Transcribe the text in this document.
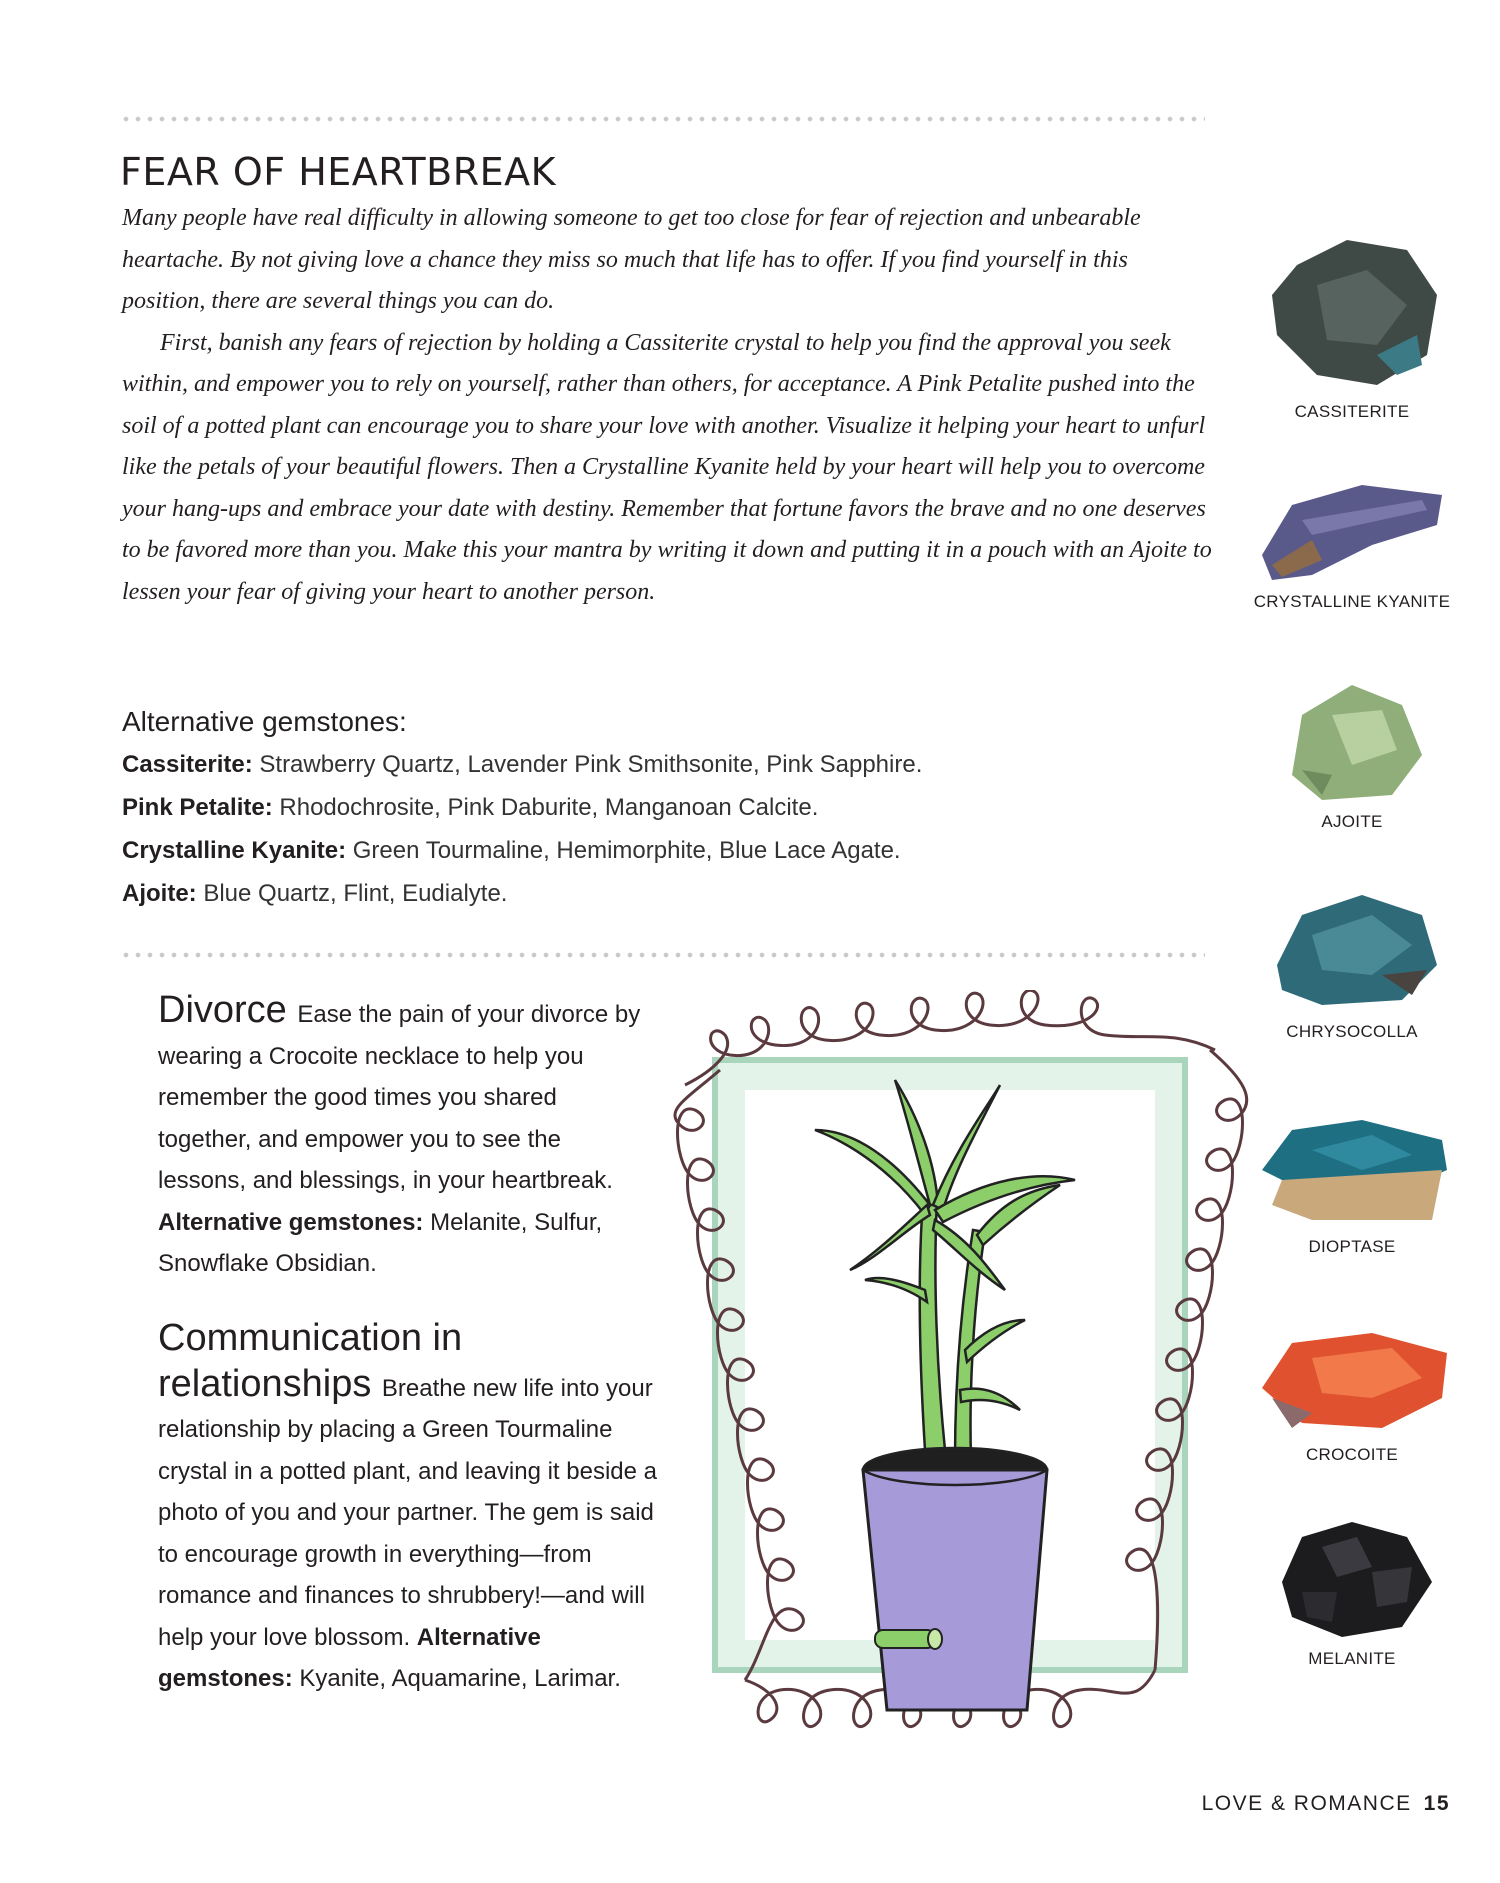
FEAR OF HEARTBREAK

Many people have real difficulty in allowing someone to get too close for fear of rejection and unbearable heartache. By not giving love a chance they miss so much that life has to offer. If you find yourself in this position, there are several things you can do.

First, banish any fears of rejection by holding a Cassiterite crystal to help you find the approval you seek within, and empower you to rely on yourself, rather than others, for acceptance. A Pink Petalite pushed into the soil of a potted plant can encourage you to share your love with another. Visualize it helping your heart to unfurl like the petals of your beautiful flowers. Then a Crystalline Kyanite held by your heart will help you to overcome your hang-ups and embrace your date with destiny. Remember that fortune favors the brave and no one deserves to be favored more than you. Make this your mantra by writing it down and putting it in a pouch with an Ajoite to lessen your fear of giving your heart to another person.

Alternative gemstones:
Cassiterite: Strawberry Quartz, Lavender Pink Smithsonite, Pink Sapphire.
Pink Petalite: Rhodochrosite, Pink Daburite, Manganoan Calcite.
Crystalline Kyanite: Green Tourmaline, Hemimorphite, Blue Lace Agate.
Ajoite: Blue Quartz, Flint, Eudialyte.
Divorce Ease the pain of your divorce by wearing a Crocoite necklace to help you remember the good times you shared together, and empower you to see the lessons, and blessings, in your heartbreak. Alternative gemstones: Melanite, Sulfur, Snowflake Obsidian.
Communication in relationships Breathe new life into your relationship by placing a Green Tourmaline crystal in a potted plant, and leaving it beside a photo of you and your partner. The gem is said to encourage growth in everything—from romance and finances to shrubbery!—and will help your love blossom. Alternative gemstones: Kyanite, Aquamarine, Larimar.
CASSITERITE
CRYSTALLINE KYANITE
AJOITE
CHRYSOCOLLA
DIOPTASE
CROCOITE
MELANITE
LOVE & ROMANCE 15
